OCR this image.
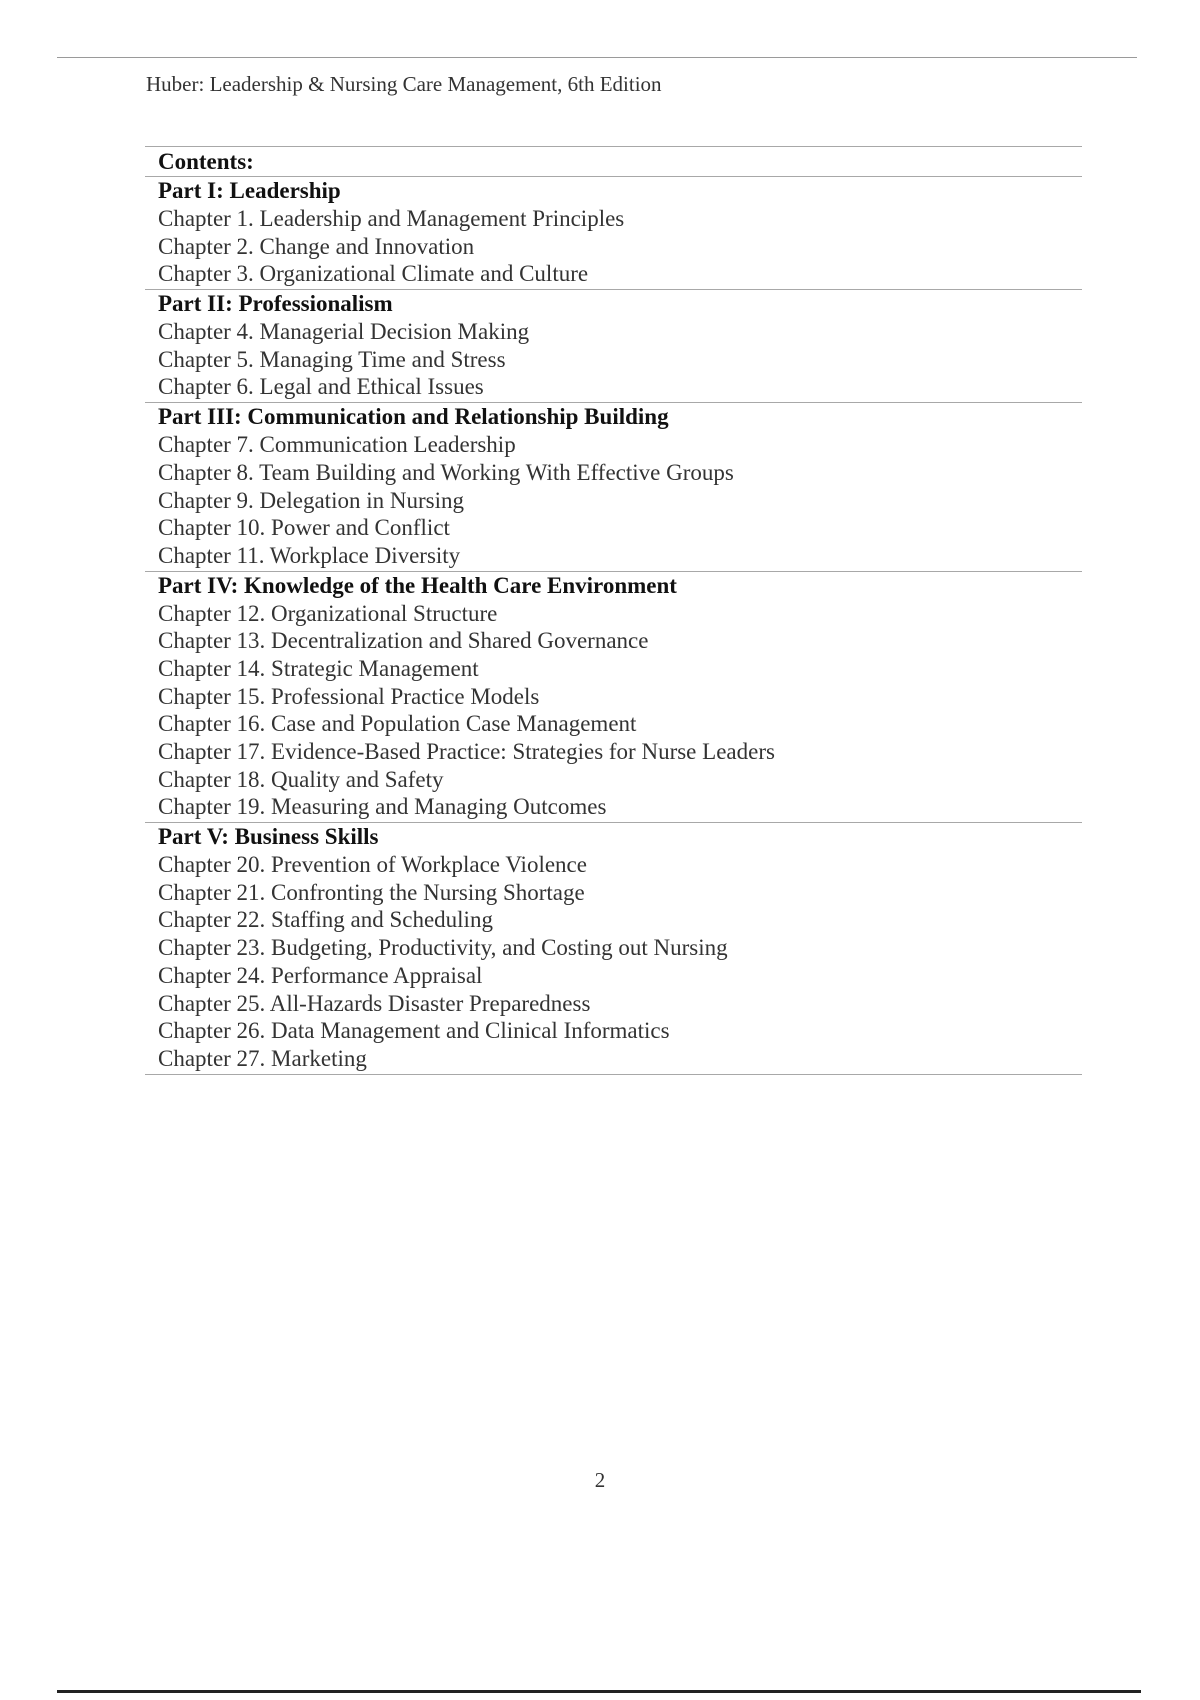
Huber: Leadership & Nursing Care Management, 6th Edition
Contents:
Part I: Leadership
Chapter 1. Leadership and Management Principles
Chapter 2. Change and Innovation
Chapter 3. Organizational Climate and Culture
Part II: Professionalism
Chapter 4. Managerial Decision Making
Chapter 5. Managing Time and Stress
Chapter 6. Legal and Ethical Issues
Part III: Communication and Relationship Building
Chapter 7. Communication Leadership
Chapter 8. Team Building and Working With Effective Groups
Chapter 9. Delegation in Nursing
Chapter 10. Power and Conflict
Chapter 11. Workplace Diversity
Part IV: Knowledge of the Health Care Environment
Chapter 12. Organizational Structure
Chapter 13. Decentralization and Shared Governance
Chapter 14. Strategic Management
Chapter 15. Professional Practice Models
Chapter 16. Case and Population Case Management
Chapter 17. Evidence-Based Practice: Strategies for Nurse Leaders
Chapter 18. Quality and Safety
Chapter 19. Measuring and Managing Outcomes
Part V: Business Skills
Chapter 20. Prevention of Workplace Violence
Chapter 21. Confronting the Nursing Shortage
Chapter 22. Staffing and Scheduling
Chapter 23. Budgeting, Productivity, and Costing out Nursing
Chapter 24. Performance Appraisal
Chapter 25. All-Hazards Disaster Preparedness
Chapter 26. Data Management and Clinical Informatics
Chapter 27. Marketing
2
